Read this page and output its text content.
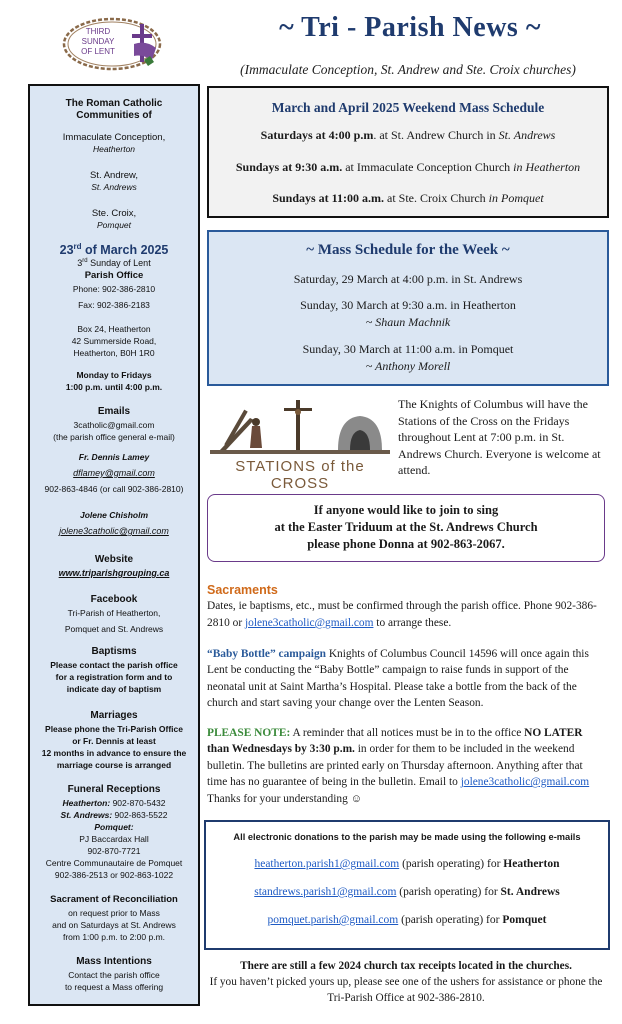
THIRD
SUNDAY
OF LENT
~ Tri - Parish News ~
(Immaculate Conception, St. Andrew and Ste. Croix churches)
The Roman Catholic
Communities of
Immaculate Conception,
Heatherton
St. Andrew,
St. Andrews
Ste. Croix,
Pomquet
23rd of March 2025
3rd Sunday of Lent
Parish Office
Phone: 902-386-2810
Fax: 902-386-2183
Box 24, Heatherton
42 Summerside Road,
Heatherton, B0H 1R0
Monday to Fridays
1:00 p.m. until 4:00 p.m.
Emails
3catholic@gmail.com
(the parish office general e-mail)
Fr. Dennis Lamey
dflamey@gmail.com
902-863-4846 (or call 902-386-2810)
Jolene Chisholm
jolene3catholic@gmail.com
Website
www.triparishgrouping.ca
Facebook
Tri-Parish of Heatherton,
Pomquet and St. Andrews
Baptisms
Please contact the parish office
for a registration form and to
indicate day of baptism
Marriages
Please phone the Tri-Parish Office
or Fr. Dennis at least
12 months in advance to ensure the
marriage course is arranged
Funeral Receptions
Heatherton: 902-870-5432
St. Andrews: 902-863-5522
Pomquet:
PJ Baccardax Hall
902-870-7721
Centre Communautaire de Pomquet
902-386-2513 or 902-863-1022
Sacrament of Reconciliation
on request prior to Mass
and on Saturdays at St. Andrews
from 1:00 p.m. to 2:00 p.m.
Mass Intentions
Contact the parish office
to request a Mass offering
March and April 2025 Weekend Mass Schedule
Saturdays at 4:00 p.m. at St. Andrew Church in St. Andrews
Sundays at 9:30 a.m. at Immaculate Conception Church in Heatherton
Sundays at 11:00 a.m. at Ste. Croix Church in Pomquet
~ Mass Schedule for the Week ~
Saturday, 29 March at 4:00 p.m. in St. Andrews
Sunday, 30 March at 9:30 a.m. in Heatherton
~ Shaun Machnik
Sunday, 30 March at 11:00 a.m. in Pomquet
~ Anthony Morell
STATIONS of the CROSS
The Knights of Columbus will have the Stations of the Cross on the Fridays throughout Lent at 7:00 p.m. in St. Andrews Church. Everyone is welcome at attend.
If anyone would like to join to sing
at the Easter Triduum at the St. Andrews Church
please phone Donna at 902-863-2067.
Sacraments
Dates, ie baptisms, etc., must be confirmed through the parish office. Phone 902-386-2810 or jolene3catholic@gmail.com to arrange these.
“Baby Bottle” campaign Knights of Columbus Council 14596 will once again this Lent be conducting the “Baby Bottle” campaign to raise funds in support of the neonatal unit at Saint Martha’s Hospital. Please take a bottle from the back of the church and start saving your change over the Lenten Season.
PLEASE NOTE: A reminder that all notices must be in to the office NO LATER than Wednesdays by 3:30 p.m. in order for them to be included in the weekend bulletin. The bulletins are printed early on Thursday afternoon. Anything after that time has no guarantee of being in the bulletin. Email to jolene3catholic@gmail.com Thanks for your understanding ☺
All electronic donations to the parish may be made using the following e-mails
heatherton.parish1@gmail.com (parish operating) for Heatherton
standrews.parish1@gmail.com (parish operating) for St. Andrews
pomquet.parish@gmail.com (parish operating) for Pomquet
There are still a few 2024 church tax receipts located in the churches.
If you haven’t picked yours up, please see one of the ushers for assistance or phone the Tri-Parish Office at 902-386-2810.
